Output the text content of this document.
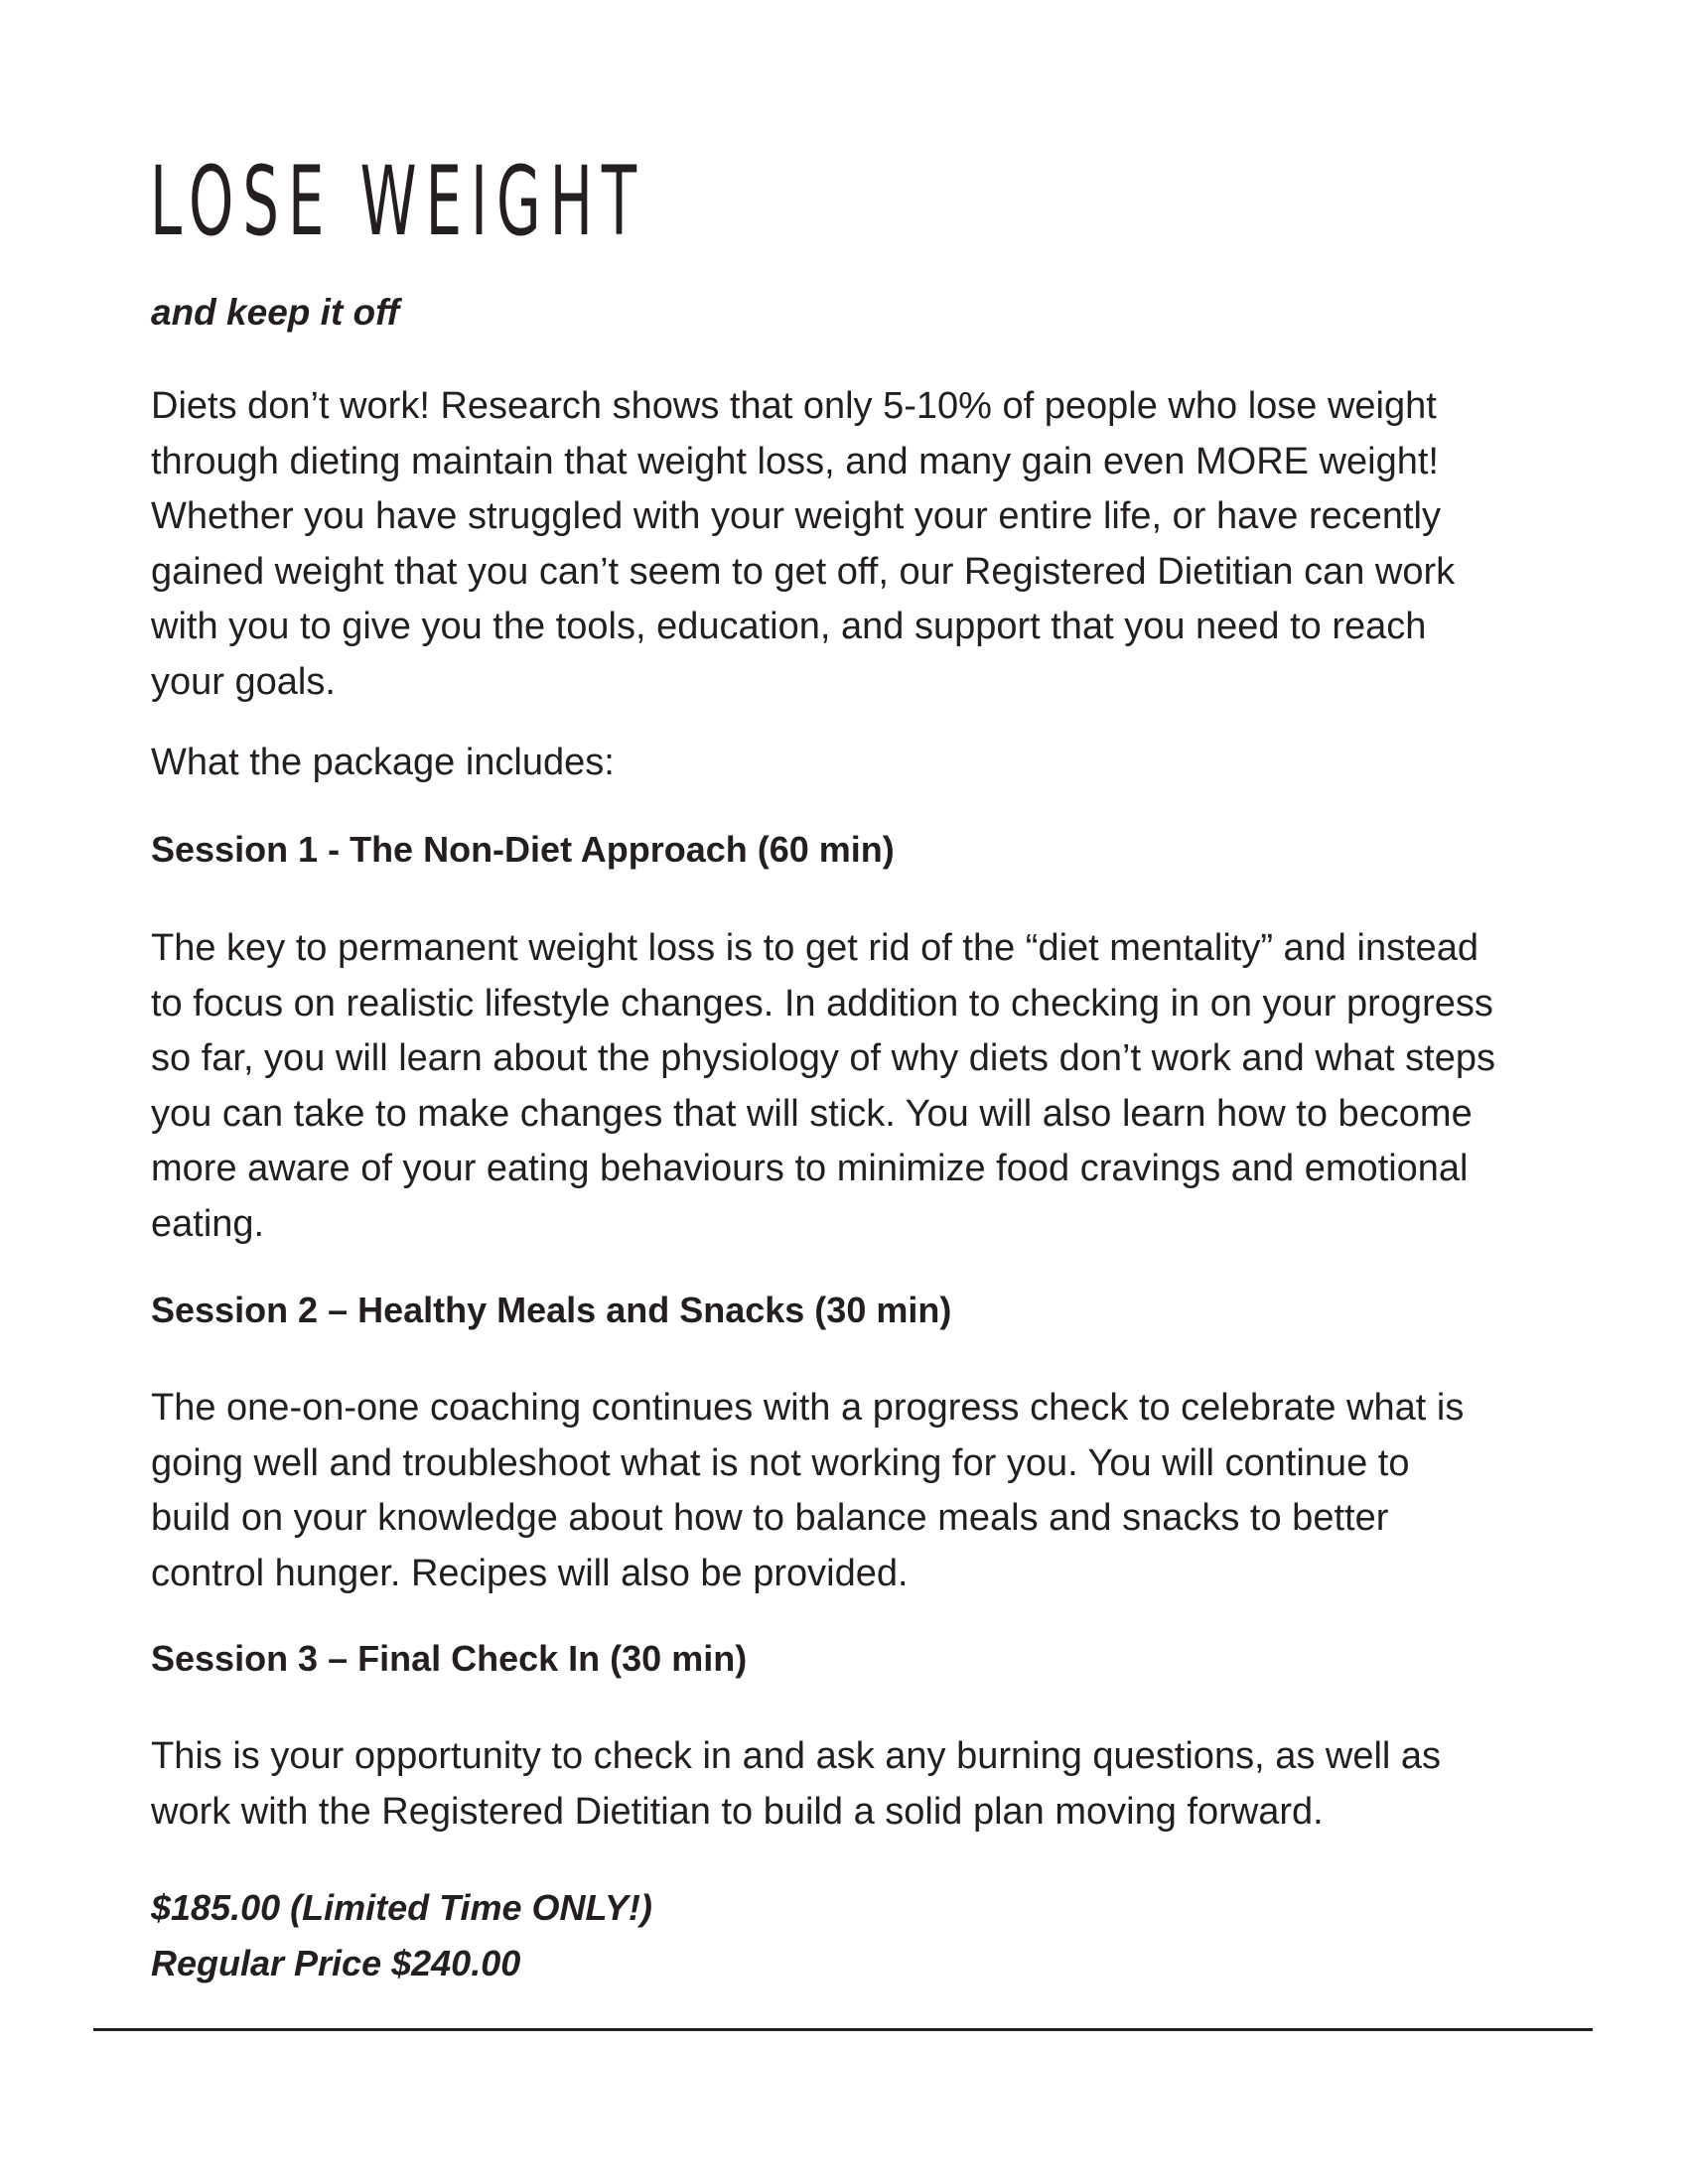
LOSE WEIGHT

and keep it off

Diets don’t work! Research shows that only 5-10% of people who lose weight
through dieting maintain that weight loss, and many gain even MORE weight!
Whether you have struggled with your weight your entire life, or have recently
gained weight that you can’t seem to get off, our Registered Dietitian can work
with you to give you the tools, education, and support that you need to reach
your goals.

What the package includes:

Session 1 - The Non-Diet Approach (60 min)

The key to permanent weight loss is to get rid of the “diet mentality” and instead
to focus on realistic lifestyle changes. In addition to checking in on your progress
so far, you will learn about the physiology of why diets don’t work and what steps
you can take to make changes that will stick. You will also learn how to become
more aware of your eating behaviours to minimize food cravings and emotional
eating.

Session 2 – Healthy Meals and Snacks (30 min)

The one-on-one coaching continues with a progress check to celebrate what is
going well and troubleshoot what is not working for you. You will continue to
build on your knowledge about how to balance meals and snacks to better
control hunger. Recipes will also be provided.

Session 3 – Final Check In (30 min)

This is your opportunity to check in and ask any burning questions, as well as
work with the Registered Dietitian to build a solid plan moving forward.

$185.00 (Limited Time ONLY!)
Regular Price $240.00
